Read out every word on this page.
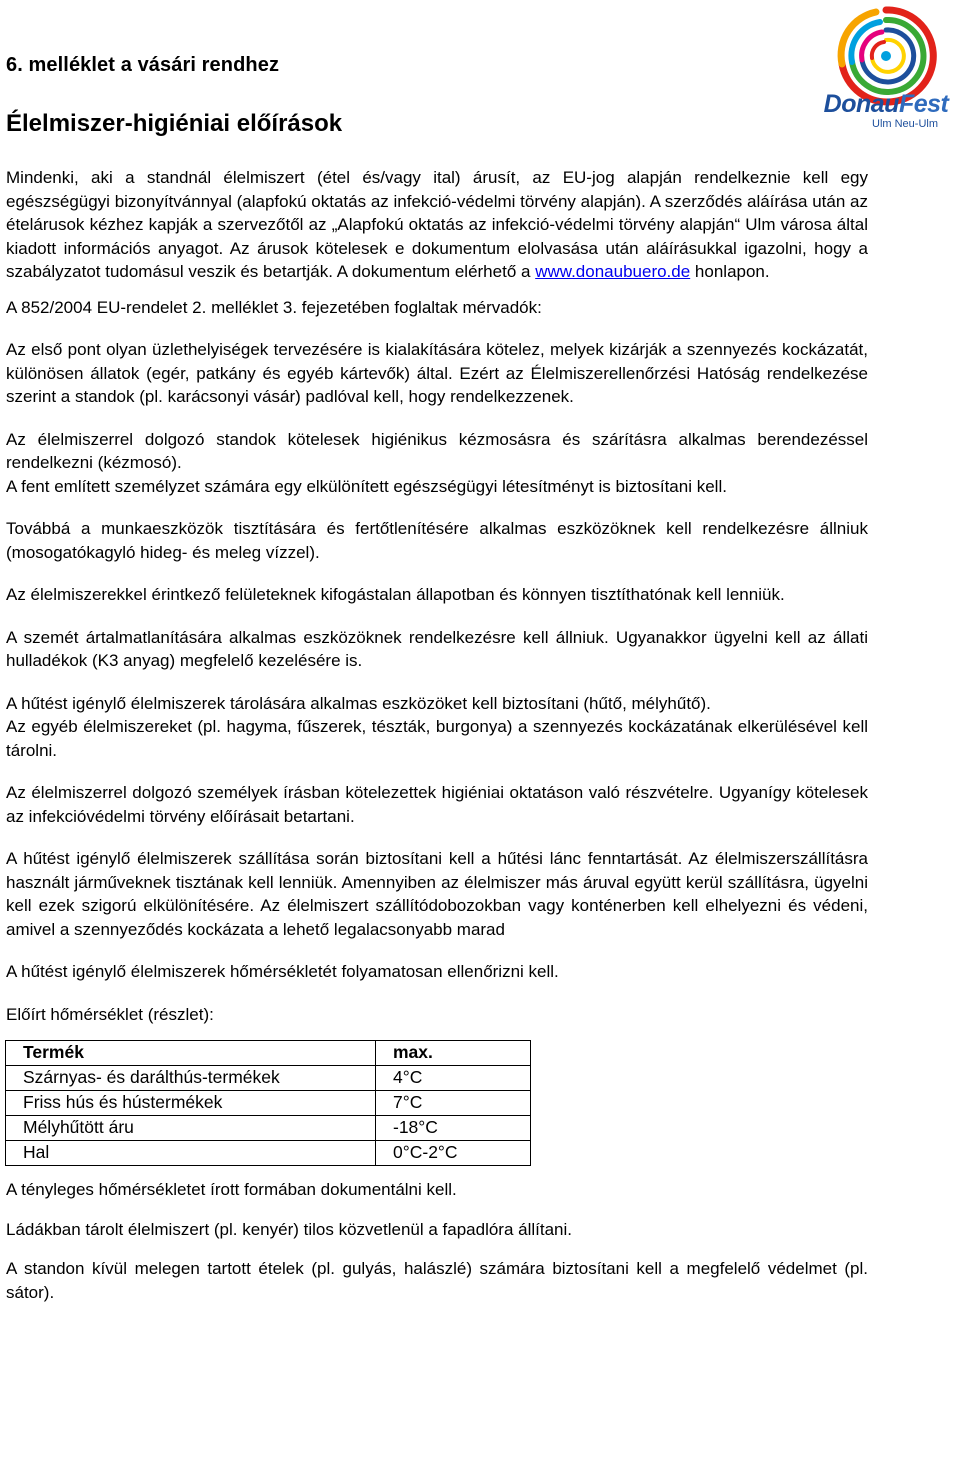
6. melléklet a vásári rendhez
Élelmiszer-higiéniai előírások
DonauFest
Ulm Neu-Ulm

Mindenki, aki a standnál élelmiszert (étel és/vagy ital) árusít, az EU-jog alapján rendelkeznie kell egy egészségügyi bizonyítvánnyal (alapfokú oktatás az infekció-védelmi törvény alapján). A szerződés aláírása után az ételárusok kézhez kapják a szervezőtől az „Alapfokú oktatás az infekció-védelmi törvény alapján“ Ulm városa által kiadott információs anyagot. Az árusok kötelesek e dokumentum elolvasása után aláírásukkal igazolni, hogy a szabályzatot tudomásul veszik és betartják. A dokumentum elérhető a www.donaubuero.de honlapon.

A 852/2004 EU-rendelet 2. melléklet 3. fejezetében foglaltak mérvadók:

Az első pont olyan üzlethelyiségek tervezésére is kialakítására kötelez, melyek kizárják a szennyezés kockázatát, különösen állatok (egér, patkány és egyéb kártevők) által. Ezért az Élelmiszerellenőrzési Hatóság rendelkezése szerint a standok (pl. karácsonyi vásár) padlóval kell, hogy rendelkezzenek.

Az élelmiszerrel dolgozó standok kötelesek higiénikus kézmosásra és szárításra alkalmas berendezéssel rendelkezni (kézmosó).

A fent említett személyzet számára egy elkülönített egészségügyi létesítményt is biztosítani kell.

Továbbá a munkaeszközök tisztítására és fertőtlenítésére alkalmas eszközöknek kell rendelkezésre állniuk (mosogatókagyló hideg- és meleg vízzel).

Az élelmiszerekkel érintkező felületeknek kifogástalan állapotban és könnyen tisztíthatónak kell lenniük.

A szemét ártalmatlanítására alkalmas eszközöknek rendelkezésre kell állniuk. Ugyanakkor ügyelni kell az állati hulladékok (K3 anyag) megfelelő kezelésére is.

A hűtést igénylő élelmiszerek tárolására alkalmas eszközöket kell biztosítani (hűtő, mélyhűtő).

Az egyéb élelmiszereket (pl. hagyma, fűszerek, tészták, burgonya) a szennyezés kockázatának elkerülésével kell tárolni.

Az élelmiszerrel dolgozó személyek írásban kötelezettek higiéniai oktatáson való részvételre. Ugyanígy kötelesek az infekcióvédelmi törvény előírásait betartani.

A hűtést igénylő élelmiszerek szállítása során biztosítani kell a hűtési lánc fenntartását. Az élelmiszerszállításra használt járműveknek tisztának kell lenniük. Amennyiben az élelmiszer más áruval együtt kerül szállításra, ügyelni kell ezek szigorú elkülönítésére. Az élelmiszert szállítódobozokban vagy konténerben kell elhelyezni és védeni, amivel a szennyeződés kockázata a lehető legalacsonyabb marad

A hűtést igénylő élelmiszerek hőmérsékletét folyamatosan ellenőrizni kell.

Előírt hőmérséklet (részlet):

Termék	max.
Szárnyas- és darálthús-termékek	4°C
Friss hús és hústermékek	7°C
Mélyhűtött áru	-18°C
Hal	0°C-2°C

A tényleges hőmérsékletet írott formában dokumentálni kell.

Ládákban tárolt élelmiszert (pl. kenyér) tilos közvetlenül a fapadlóra állítani.

A standon kívül melegen tartott ételek (pl. gulyás, halászlé) számára biztosítani kell a megfelelő védelmet (pl. sátor).
